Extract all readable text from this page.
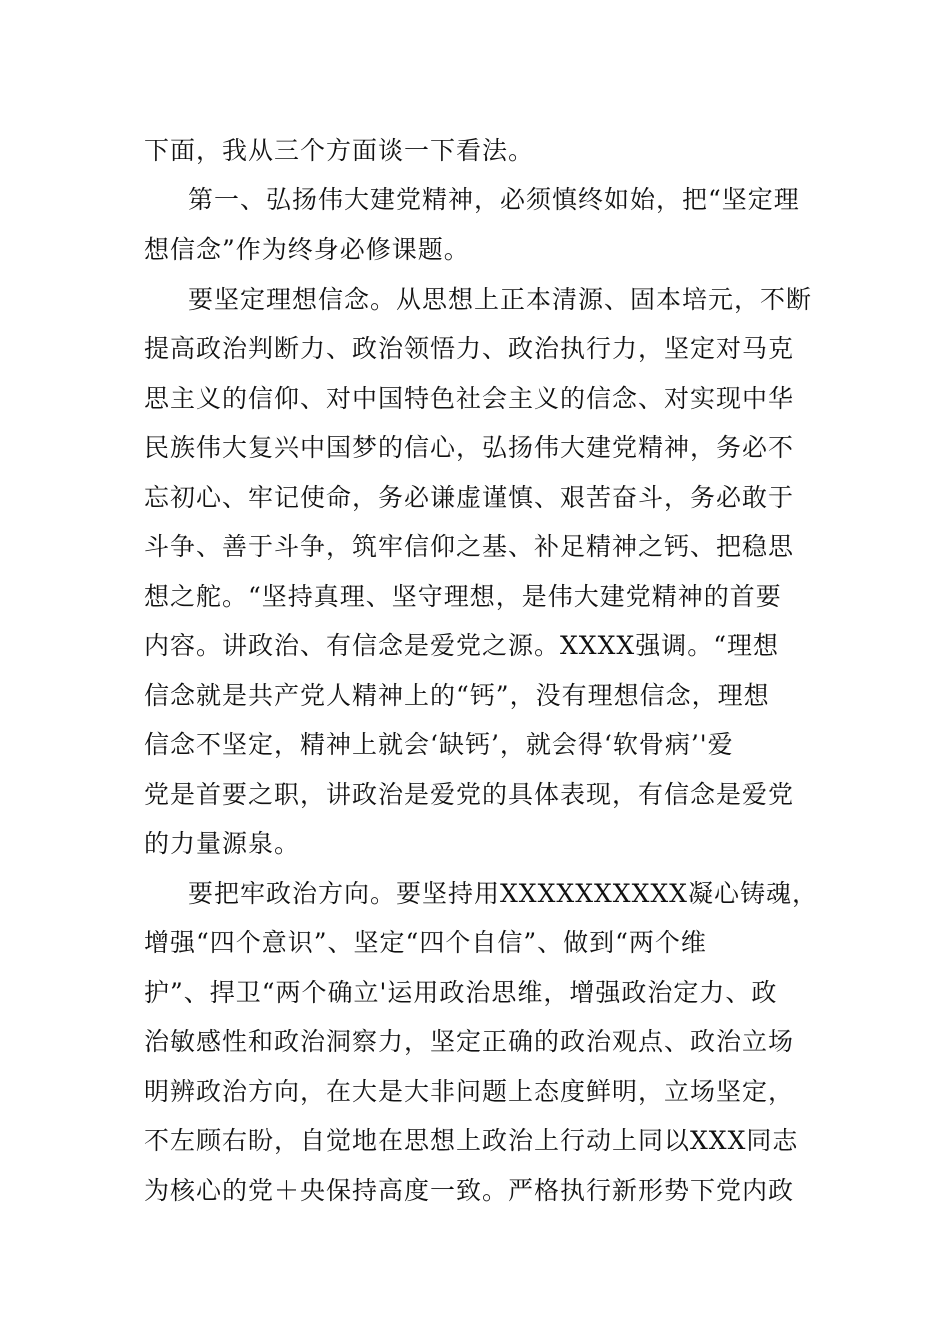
下面，我从三个方面谈一下看法。
第一、弘扬伟大建党精神，必须慎终如始，把“坚定理
想信念”作为终身必修课题。
要坚定理想信念。从思想上正本清源、固本培元，不断
提高政治判断力、政治领悟力、政治执行力，坚定对马克
思主义的信仰、对中国特色社会主义的信念、对实现中华
民族伟大复兴中国梦的信心，弘扬伟大建党精神，务必不
忘初心、牢记使命，务必谦虚谨慎、艰苦奋斗，务必敢于
斗争、善于斗争，筑牢信仰之基、补足精神之钙、把稳思
想之舵。“坚持真理、坚守理想，是伟大建党精神的首要
内容。讲政治、有信念是爱党之源。XXXX强调。“理想
信念就是共产党人精神上的“钙”，没有理想信念，理想
信念不坚定，精神上就会‘缺钙’，就会得‘软骨病’'爱
党是首要之职，讲政治是爱党的具体表现，有信念是爱党
的力量源泉。
要把牢政治方向。要坚持用XXXXXXXXXX凝心铸魂，
增强“四个意识”、坚定“四个自信”、做到“两个维
护”、捍卫“两个确立'运用政治思维，增强政治定力、政
治敏感性和政治洞察力，坚定正确的政治观点、政治立场
明辨政治方向，在大是大非问题上态度鲜明，立场坚定，
不左顾右盼，自觉地在思想上政治上行动上同以XXX同志
为核心的党＋央保持高度一致。严格执行新形势下党内政
